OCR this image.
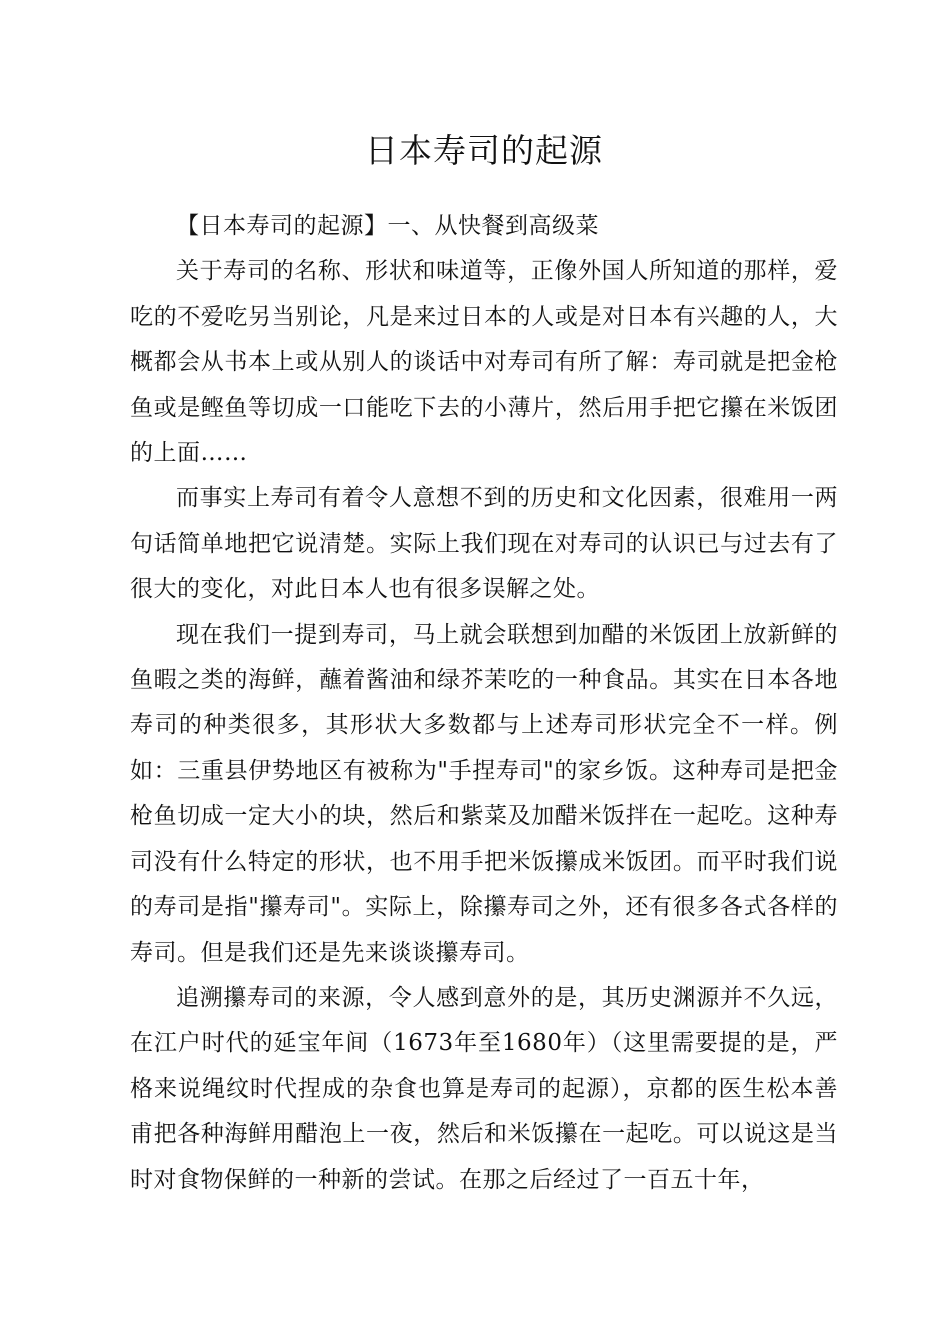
日本寿司的起源

【日本寿司的起源】一、从快餐到高级菜

关于寿司的名称、形状和味道等，正像外国人所知道的那样，爱吃的不爱吃另当别论，凡是来过日本的人或是对日本有兴趣的人，大概都会从书本上或从别人的谈话中对寿司有所了解：寿司就是把金枪鱼或是鲣鱼等切成一口能吃下去的小薄片，然后用手把它攥在米饭团的上面……

而事实上寿司有着令人意想不到的历史和文化因素，很难用一两句话简单地把它说清楚。实际上我们现在对寿司的认识已与过去有了很大的变化，对此日本人也有很多误解之处。

现在我们一提到寿司，马上就会联想到加醋的米饭团上放新鲜的鱼暇之类的海鲜，蘸着酱油和绿芥茉吃的一种食品。其实在日本各地寿司的种类很多，其形状大多数都与上述寿司形状完全不一样。例如：三重县伊势地区有被称为"手捏寿司"的家乡饭。这种寿司是把金枪鱼切成一定大小的块，然后和紫菜及加醋米饭拌在一起吃。这种寿司没有什么特定的形状，也不用手把米饭攥成米饭团。而平时我们说的寿司是指"攥寿司"。实际上，除攥寿司之外，还有很多各式各样的寿司。但是我们还是先来谈谈攥寿司。

追溯攥寿司的来源，令人感到意外的是，其历史渊源并不久远，在江户时代的延宝年间（1673年至1680年）（这里需要提的是，严格来说绳纹时代捏成的杂食也算是寿司的起源），京都的医生松本善甫把各种海鲜用醋泡上一夜，然后和米饭攥在一起吃。可以说这是当时对食物保鲜的一种新的尝试。在那之后经过了一百五十年，
